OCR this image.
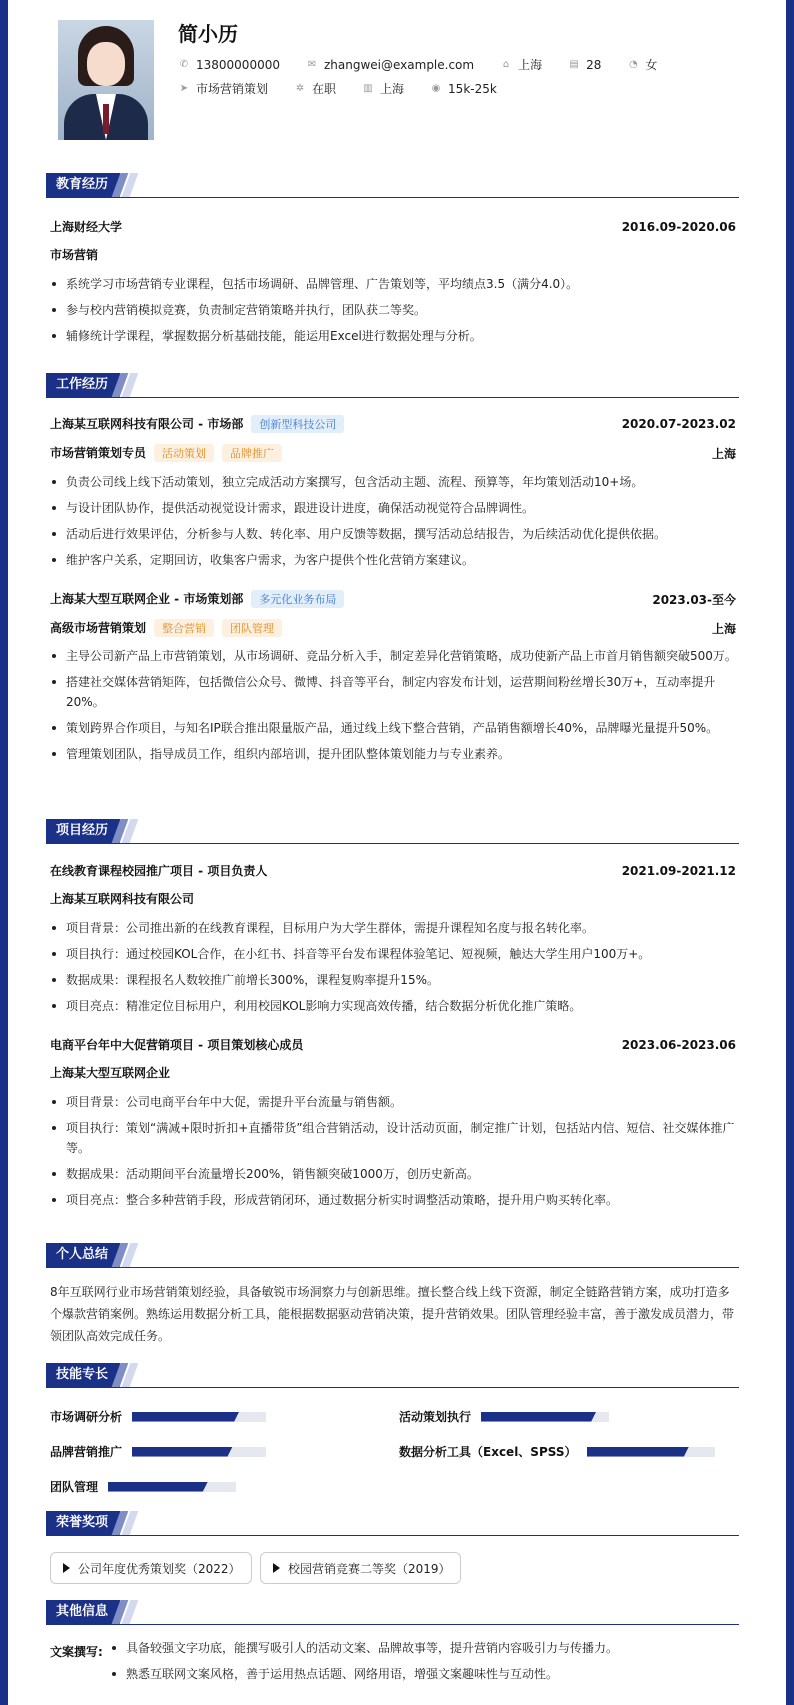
简小历
✆ 13800000000	✉ zhangwei@example.com	⌂ 上海	▤ 28	◔ 女
➤ 市场营销策划	✲ 在职	▥ 上海	◉ 15k-25k
教育经历
上海财经大学	2016.09-2020.06
市场营销
系统学习市场营销专业课程，包括市场调研、品牌管理、广告策划等，平均绩点3.5（满分4.0）。
参与校内营销模拟竞赛，负责制定营销策略并执行，团队获二等奖。
辅修统计学课程，掌握数据分析基础技能，能运用Excel进行数据处理与分析。
工作经历
上海某互联网科技有限公司 - 市场部 创新型科技公司	2020.07-2023.02
市场营销策划专员 活动策划 品牌推广	上海
负责公司线上线下活动策划，独立完成活动方案撰写，包含活动主题、流程、预算等，年均策划活动10+场。
与设计团队协作，提供活动视觉设计需求，跟进设计进度，确保活动视觉符合品牌调性。
活动后进行效果评估，分析参与人数、转化率、用户反馈等数据，撰写活动总结报告，为后续活动优化提供依据。
维护客户关系，定期回访，收集客户需求，为客户提供个性化营销方案建议。
上海某大型互联网企业 - 市场策划部 多元化业务布局	2023.03-至今
高级市场营销策划 整合营销 团队管理	上海
主导公司新产品上市营销策划，从市场调研、竞品分析入手，制定差异化营销策略，成功使新产品上市首月销售额突破500万。
搭建社交媒体营销矩阵，包括微信公众号、微博、抖音等平台，制定内容发布计划，运营期间粉丝增长30万+，互动率提升20%。
策划跨界合作项目，与知名IP联合推出限量版产品，通过线上线下整合营销，产品销售额增长40%，品牌曝光量提升50%。
管理策划团队，指导成员工作，组织内部培训，提升团队整体策划能力与专业素养。
项目经历
在线教育课程校园推广项目 - 项目负责人	2021.09-2021.12
上海某互联网科技有限公司
项目背景：公司推出新的在线教育课程，目标用户为大学生群体，需提升课程知名度与报名转化率。
项目执行：通过校园KOL合作，在小红书、抖音等平台发布课程体验笔记、短视频，触达大学生用户100万+。
数据成果：课程报名人数较推广前增长300%，课程复购率提升15%。
项目亮点：精准定位目标用户，利用校园KOL影响力实现高效传播，结合数据分析优化推广策略。
电商平台年中大促营销项目 - 项目策划核心成员	2023.06-2023.06
上海某大型互联网企业
项目背景：公司电商平台年中大促，需提升平台流量与销售额。
项目执行：策划“满减+限时折扣+直播带货”组合营销活动，设计活动页面，制定推广计划，包括站内信、短信、社交媒体推广等。
数据成果：活动期间平台流量增长200%，销售额突破1000万，创历史新高。
项目亮点：整合多种营销手段，形成营销闭环，通过数据分析实时调整活动策略，提升用户购买转化率。
个人总结
8年互联网行业市场营销策划经验，具备敏锐市场洞察力与创新思维。擅长整合线上线下资源，制定全链路营销方案，成功打造多个爆款营销案例。熟练运用数据分析工具，能根据数据驱动营销决策，提升营销效果。团队管理经验丰富，善于激发成员潜力，带领团队高效完成任务。
技能专长
市场调研分析	活动策划执行
品牌营销推广	数据分析工具（Excel、SPSS）
团队管理
荣誉奖项
公司年度优秀策划奖（2022）	校园营销竞赛二等奖（2019）
其他信息
文案撰写:	具备较强文字功底，能撰写吸引人的活动文案、品牌故事等，提升营销内容吸引力与传播力。
熟悉互联网文案风格，善于运用热点话题、网络用语，增强文案趣味性与互动性。
